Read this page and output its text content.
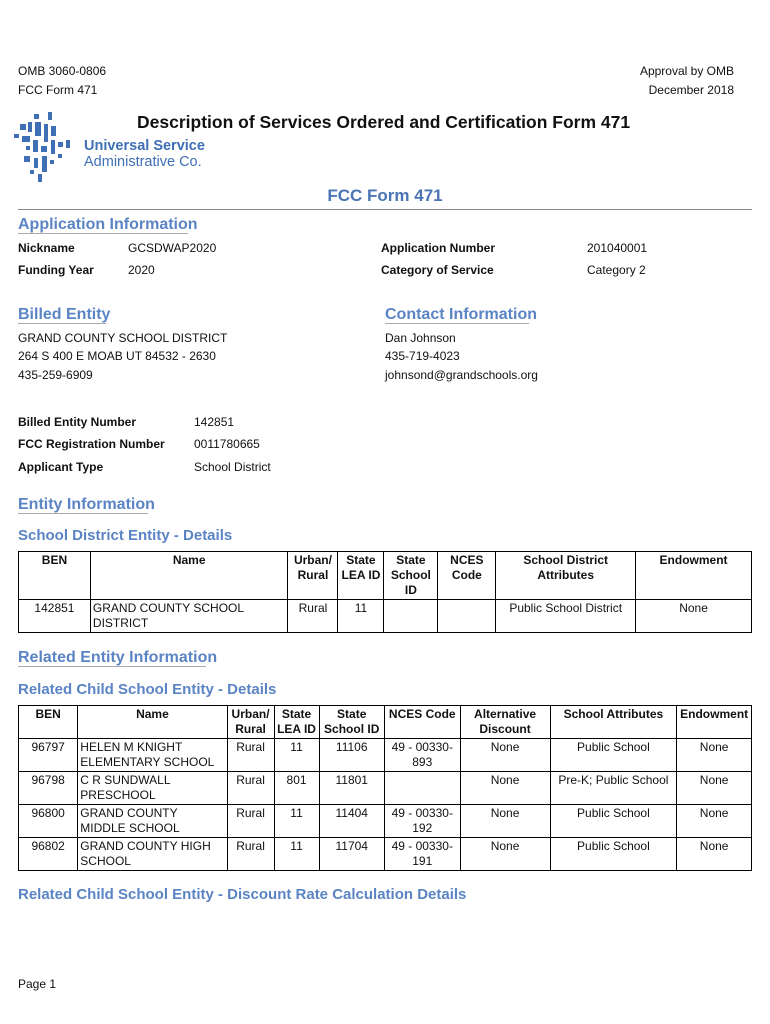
OMB 3060-0806
FCC Form 471
Approval by OMB
December 2018
Universal Service
Administrative Co.
Description of Services Ordered and Certification Form 471
FCC Form 471
Application Information
Nickname	GCSDWAP2020
Funding Year	2020
Application Number	201040001
Category of Service	Category 2
Billed Entity
GRAND COUNTY SCHOOL DISTRICT
264 S 400 E MOAB UT 84532 - 2630
435-259-6909
Contact Information
Dan Johnson
435-719-4023
johnsond@grandschools.org
Billed Entity Number	142851
FCC Registration Number 0011780665
Applicant Type	School District
Entity Information
School District Entity - Details
BEN	Name	Urban/ Rural	State LEA ID	State School ID	NCES Code	School District Attributes	Endowment
142851	GRAND COUNTY SCHOOL DISTRICT	Rural	11			Public School District	None
Related Entity Information
Related Child School Entity - Details
BEN	Name	Urban/ Rural	State LEA ID	State School ID	NCES Code	Alternative Discount	School Attributes	Endowment
96797	HELEN M KNIGHT ELEMENTARY SCHOOL	Rural	11	11106	49 - 00330- 893	None	Public School	None
96798	C R SUNDWALL PRESCHOOL	Rural	801	11801		None	Pre-K; Public School	None
96800	GRAND COUNTY MIDDLE SCHOOL	Rural	11	11404	49 - 00330- 192	None	Public School	None
96802	GRAND COUNTY HIGH SCHOOL	Rural	11	11704	49 - 00330- 191	None	Public School	None
Related Child School Entity - Discount Rate Calculation Details
Page 1
